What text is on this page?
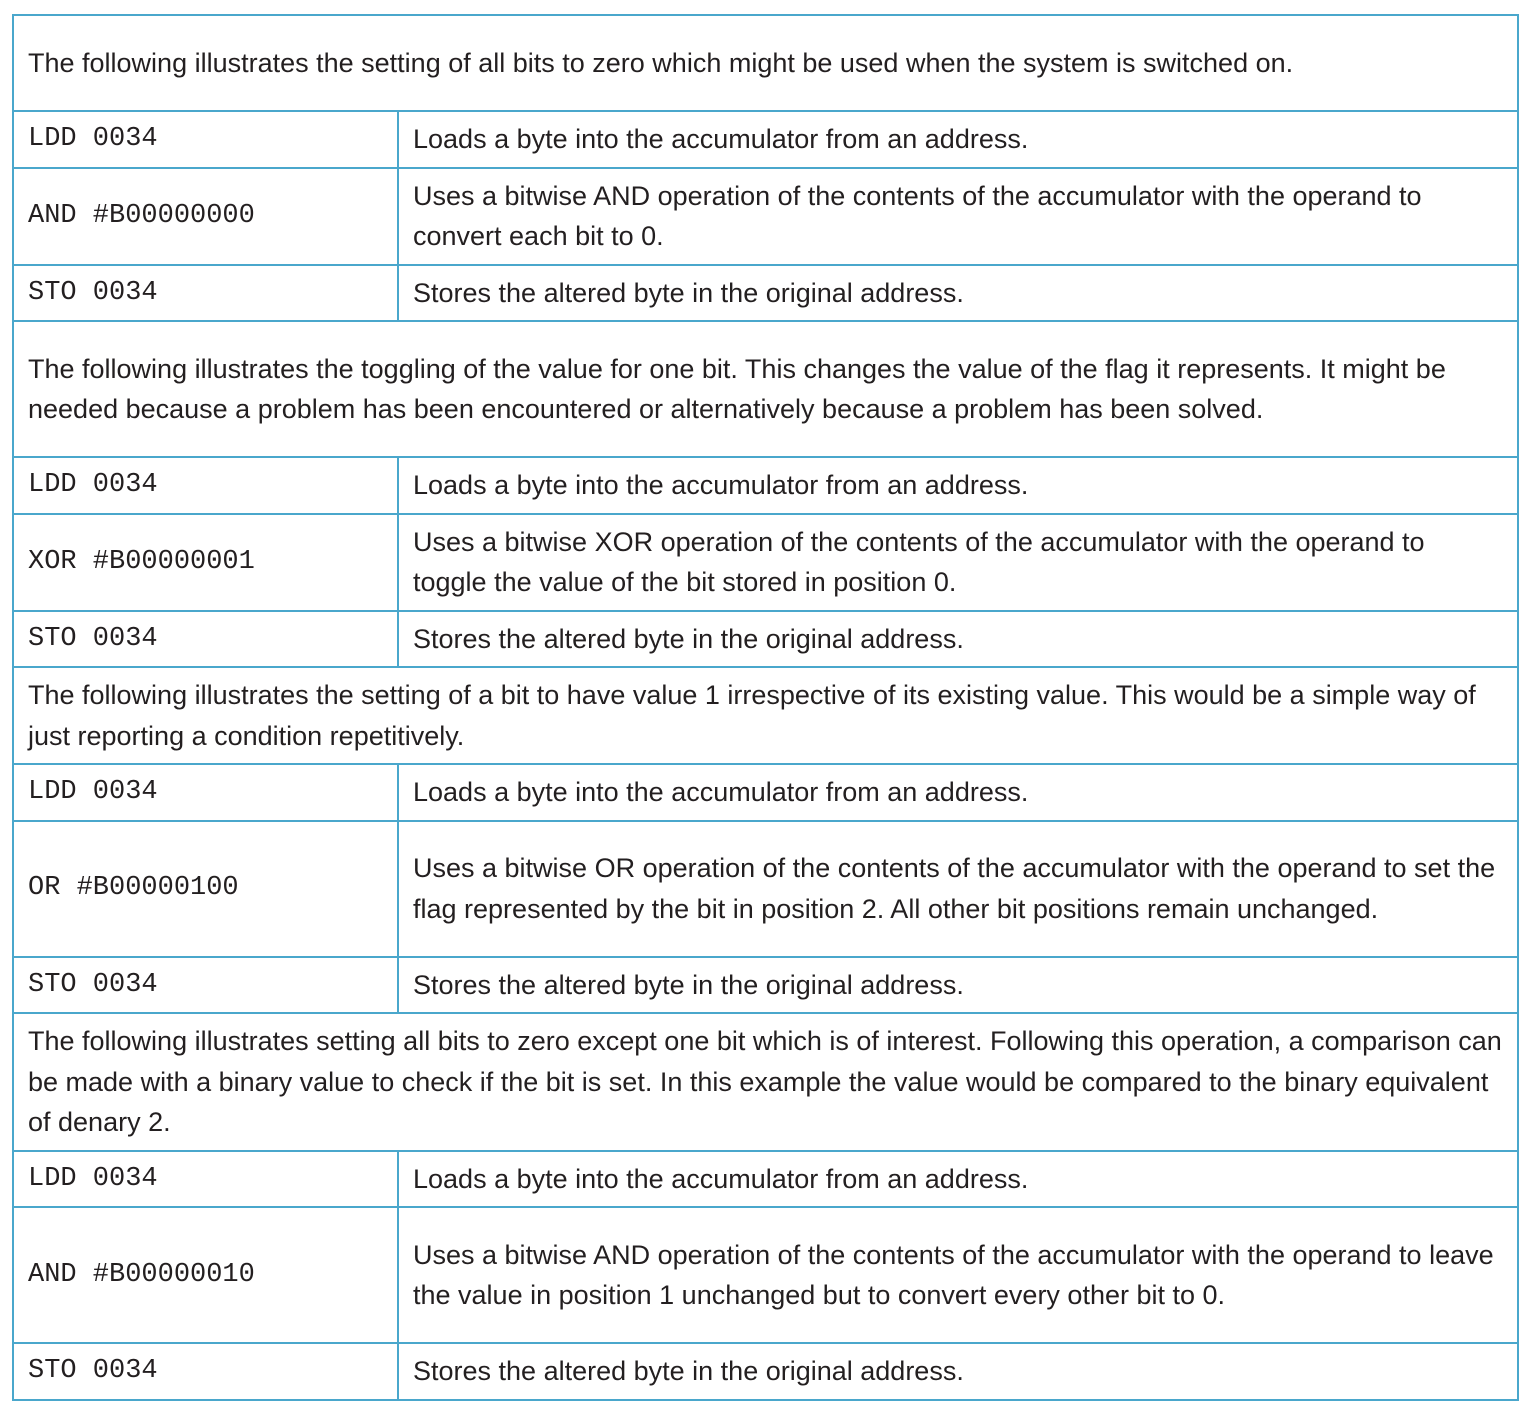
The following illustrates the setting of all bits to zero which might be used when the system is switched on.	
LDD 0034	Loads a byte into the accumulator from an address.
AND #B00000000	Uses a bitwise AND operation of the contents of the accumulator with the operand to convert each bit to 0.
STO 0034	Stores the altered byte in the original address.
The following illustrates the toggling of the value for one bit. This changes the value of the flag it represents. It might be needed because a problem has been encountered or alternatively because a problem has been solved.	
LDD 0034	Loads a byte into the accumulator from an address.
XOR #B00000001	Uses a bitwise XOR operation of the contents of the accumulator with the operand to toggle the value of the bit stored in position 0.
STO 0034	Stores the altered byte in the original address.
The following illustrates the setting of a bit to have value 1 irrespective of its existing value. This would be a simple way of just reporting a condition repetitively.	
LDD 0034	Loads a byte into the accumulator from an address.
OR #B00000100	Uses a bitwise OR operation of the contents of the accumulator with the operand to set the flag represented by the bit in position 2. All other bit positions remain unchanged.
STO 0034	Stores the altered byte in the original address.
The following illustrates setting all bits to zero except one bit which is of interest. Following this operation, a comparison can be made with a binary value to check if the bit is set. In this example the value would be compared to the binary equivalent of denary 2.	
LDD 0034	Loads a byte into the accumulator from an address.
AND #B00000010	Uses a bitwise AND operation of the contents of the accumulator with the operand to leave the value in position 1 unchanged but to convert every other bit to 0.
STO 0034	Stores the altered byte in the original address.
